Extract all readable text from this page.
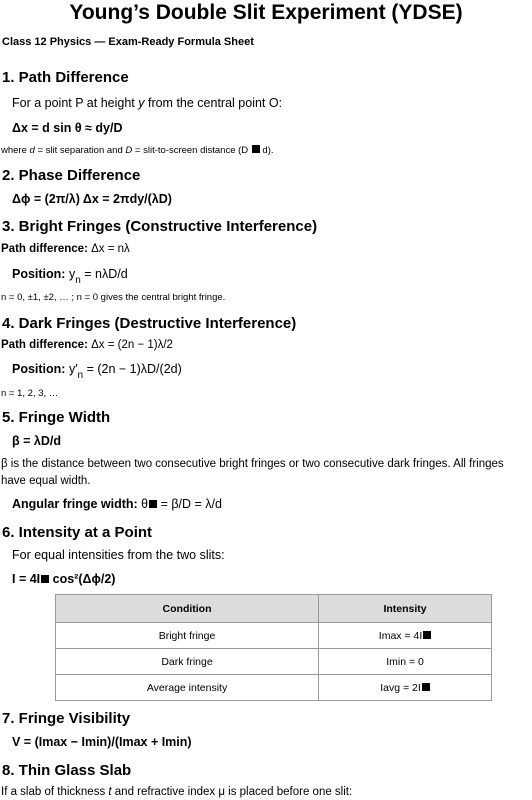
Young’s Double Slit Experiment (YDSE)
Class 12 Physics — Exam-Ready Formula Sheet
1. Path Difference
For a point P at height y from the central point O:
Δx = d sin θ ≈ dy/D
where d = slit separation and D = slit-to-screen distance (D  d).
2. Phase Difference
Δϕ = (2π/λ) Δx = 2πdy/(λD)
3. Bright Fringes (Constructive Interference)
Path difference: Δx = nλ
Position: $y_n = n\lambda D/d$
n = 0, ±1, ±2, … ; n = 0 gives the central bright fringe.
4. Dark Fringes (Destructive Interference)
Path difference: Δx = (2n − 1)λ/2
Position: $y'_n = (2n - 1)\lambda D/(2d)$
n = 1, 2, 3, …
5. Fringe Width
β = λD/d
β is the distance between two consecutive bright fringes or two consecutive dark fringes. All fringes have equal width.
Angular fringe width: θ = β/D = λ/d
6. Intensity at a Point
For equal intensities from the two slits:
I = 4I cos²(Δϕ/2)
Condition	Intensity
Bright fringe	Imax = 4I
Dark fringe	Imin = 0
Average intensity	Iavg = 2I
7. Fringe Visibility
V = (Imax − Imin)/(Imax + Imin)
8. Thin Glass Slab
If a slab of thickness t and refractive index μ is placed before one slit:
